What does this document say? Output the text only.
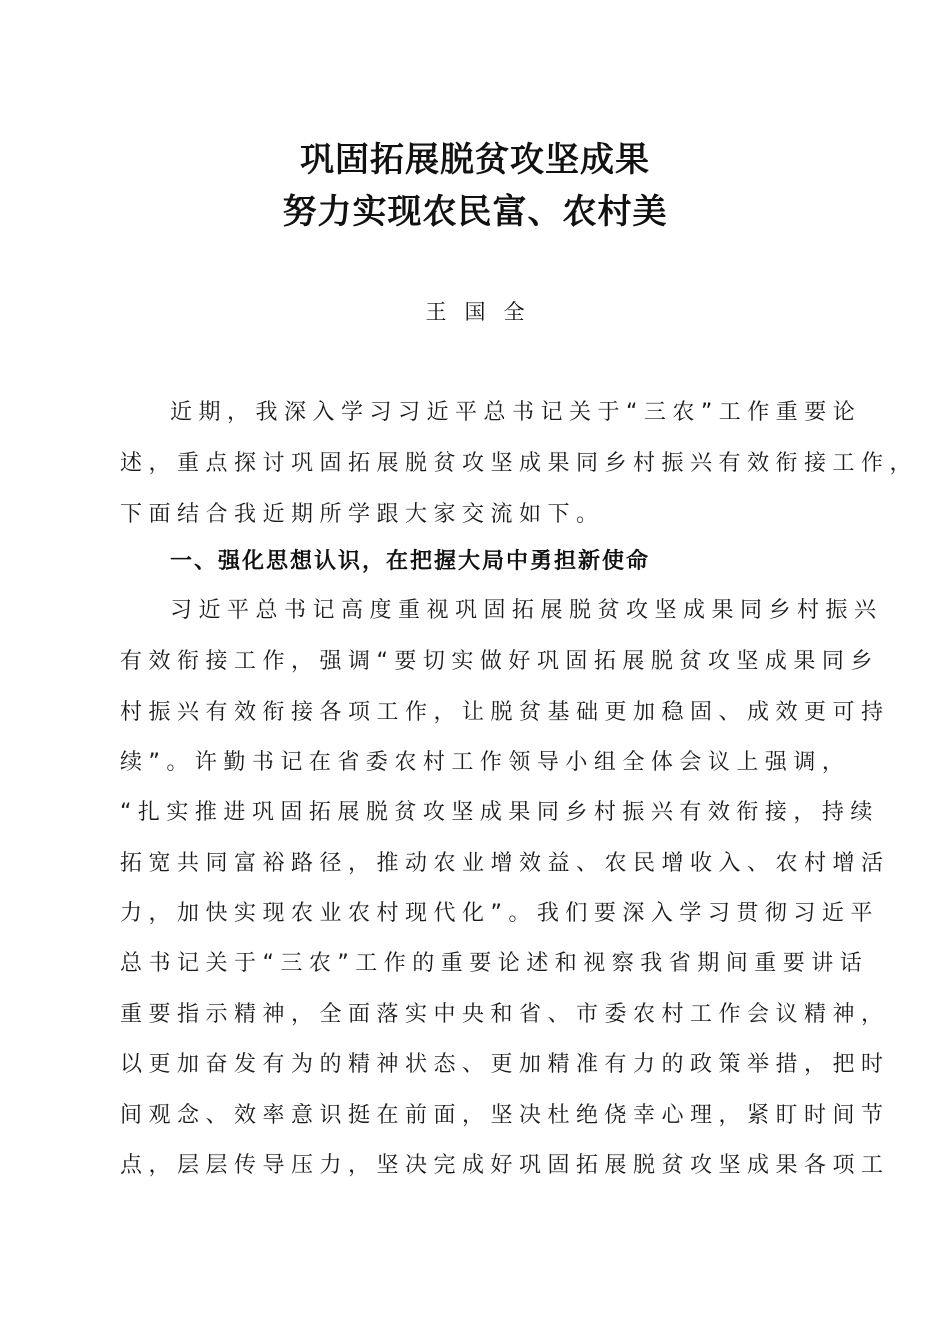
巩固拓展脱贫攻坚成果
努力实现农民富、农村美
王国全
近期，我深入学习习近平总书记关于“三农”工作重要论
述，重点探讨巩固拓展脱贫攻坚成果同乡村振兴有效衔接工作，
下面结合我近期所学跟大家交流如下。
一、强化思想认识，在把握大局中勇担新使命
习近平总书记高度重视巩固拓展脱贫攻坚成果同乡村振兴
有效衔接工作，强调“要切实做好巩固拓展脱贫攻坚成果同乡
村振兴有效衔接各项工作，让脱贫基础更加稳固、成效更可持
续”。许勤书记在省委农村工作领导小组全体会议上强调，
“扎实推进巩固拓展脱贫攻坚成果同乡村振兴有效衔接，持续
拓宽共同富裕路径，推动农业增效益、农民增收入、农村增活
力，加快实现农业农村现代化”。我们要深入学习贯彻习近平
总书记关于“三农”工作的重要论述和视察我省期间重要讲话
重要指示精神，全面落实中央和省、市委农村工作会议精神，
以更加奋发有为的精神状态、更加精准有力的政策举措，把时
间观念、效率意识挺在前面，坚决杜绝侥幸心理，紧盯时间节
点，层层传导压力，坚决完成好巩固拓展脱贫攻坚成果各项工
